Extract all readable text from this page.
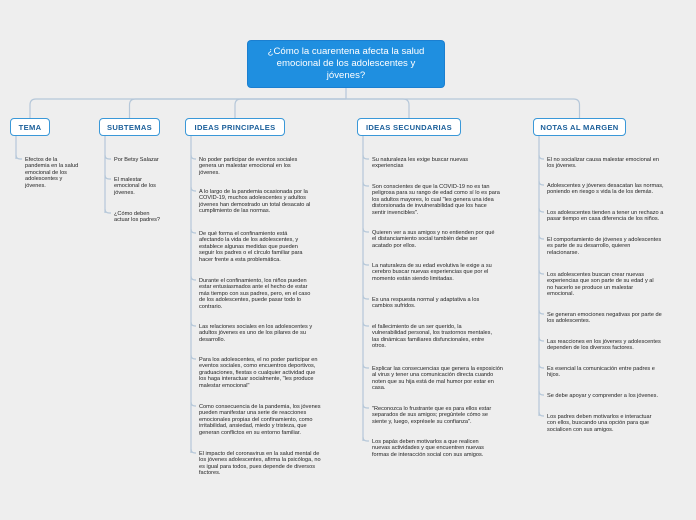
¿Cómo la cuarentena afecta la salud emocional de los adolescentes y jóvenes?
TEMA
Efectos de la
pandemia en la salud
emocional de los
adolescentes y
jóvenes.
SUBTEMAS
Por Betsy Salazar
El malestar
emocional de los
jóvenes.
¿Cómo deben
actuar los padres?
IDEAS PRINCIPALES
No poder participar de eventos sociales
genera un malestar emocional en los
jóvenes.
A lo largo de la pandemia ocasionada por la
COVID-19, muchos adolescentes y adultos
jóvenes han demostrado un total desacato al
cumplimiento de las normas.
De qué forma el confinamiento está
afectando la vida de los adolescentes, y
establece algunas medidas que pueden
seguir los padres o el círculo familiar para
hacer frente a esta problemática.
Durante el confinamiento, los niños pueden
estar entusiasmados ante el hecho de estar
más tiempo con sus padres, pero, en el caso
de los adolescentes, puede pasar todo lo
contrario.
Las relaciones sociales en los adolescentes y
adultos jóvenes es uno de los pilares de su
desarrollo.
Para los adolescentes, el no poder participar en
eventos sociales, como encuentros deportivos,
graduaciones, fiestas o cualquier actividad que
los haga interactuar socialmente, "les produce
malestar emocional"
Como consecuencia de la pandemia, los jóvenes
pueden manifestar una serie de reacciones
emocionales propias del confinamiento, como
irritabilidad, ansiedad, miedo y tristeza, que
generan conflictos en su entorno familiar.
El impacto del coronavirus en la salud mental de
los jóvenes adolescentes, afirma la psicóloga, no
es igual para todos, pues depende de diversos
factores.
IDEAS SECUNDARIAS
Su naturaleza les exige buscar nuevas
experiencias
Son conscientes de que la COVID-19 no es tan
peligrosa para su rango de edad como sí lo es para
los adultos mayores, lo cual "les genera una idea
distorsionada de invulnerabilidad que los hace
sentir invencibles".
Quieren ver a sus amigos y no entienden por qué
el distanciamiento social también debe ser
acatado por ellos.
La naturaleza de su edad evolutiva le exige a su
cerebro buscar nuevas experiencias que por el
momento están siendo limitadas.
Es una respuesta normal y adaptativa a los
cambios sufridos.
el fallecimiento de un ser querido, la
vulnerabilidad personal, los trastornos mentales,
las dinámicas familiares disfuncionales, entre
otros.
Explicar las consecuencias que genera la exposición
al virus y tener una comunicación directa cuando
noten que su hija está de mal humor por estar en
casa.
"Reconozca lo frustrante que es para ellos estar
separados de sus amigos; pregúntele cómo se
siente y, luego, exprésele su confianza".
Los papás deben motivarlos a que realicen
nuevas actividades y que encuentren nuevas
formas de interacción social con sus amigos.
NOTAS AL MARGEN
El no socializar causa malestar emocional en
los jóvenes.
Adolescentes y jóvenes desacatan las normas,
poniendo en riesgo s vida la de los demás.
Los adolescentes tienden a tener un rechazo a
pasar tiempo en casa diferencia de los niños.
El comportamiento de jóvenes y adolescentes
es parte de su desarrollo, quieren
relacionarse.
Los adolescentes buscan crear nuevas
experiencias que son parte de su edad y al
no hacerlo se produce un malestar
emocional.
Se generan emociones negativas por parte de
los adolescentes.
Las reacciones en los jóvenes y adolescentes
dependen de los diversos factores.
Es esencial la comunicación entre padres e
hijos.
Se debe apoyar y comprender a los jóvenes.
Los padres deben motivarlos e interactuar
con ellos, buscando una opción para que
socialicen con sus amigos.
